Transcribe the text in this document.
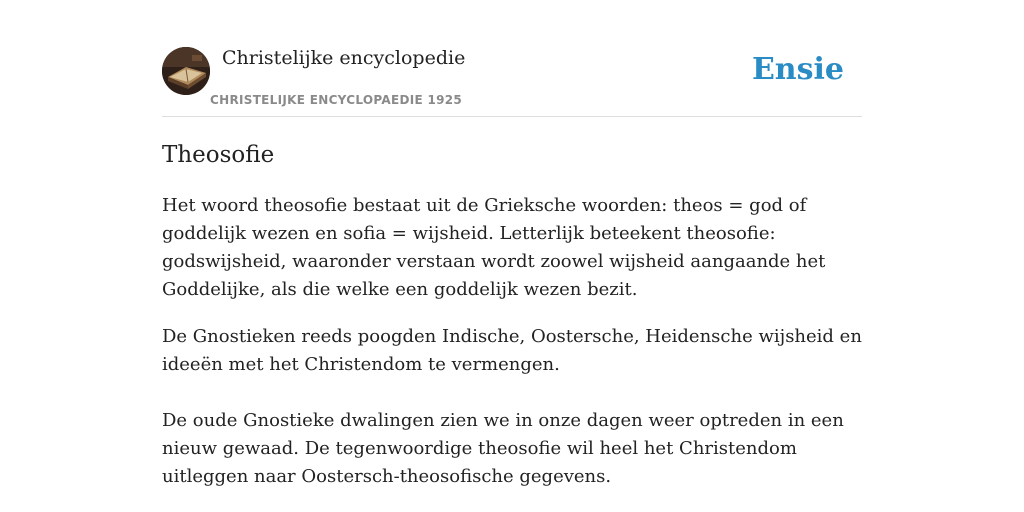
Christelijke encyclopedie
CHRISTELIJKE ENCYCLOPAEDIE 1925
Ensie
Theosofie

Het woord theosofie bestaat uit de Grieksche woorden: theos = god of goddelijk wezen en sofia = wijsheid. Letterlijk beteekent theosofie: godswijsheid, waaronder verstaan wordt zoowel wijsheid aangaande het Goddelijke, als die welke een goddelijk wezen bezit.

De Gnostieken reeds poogden Indische, Oostersche, Heidensche wijsheid en ideeën met het Christendom te vermengen.

De oude Gnostieke dwalingen zien we in onze dagen weer optreden in een nieuw gewaad. De tegenwoordige theosofie wil heel het Christendom uitleggen naar Oostersch-theosofische gegevens.
